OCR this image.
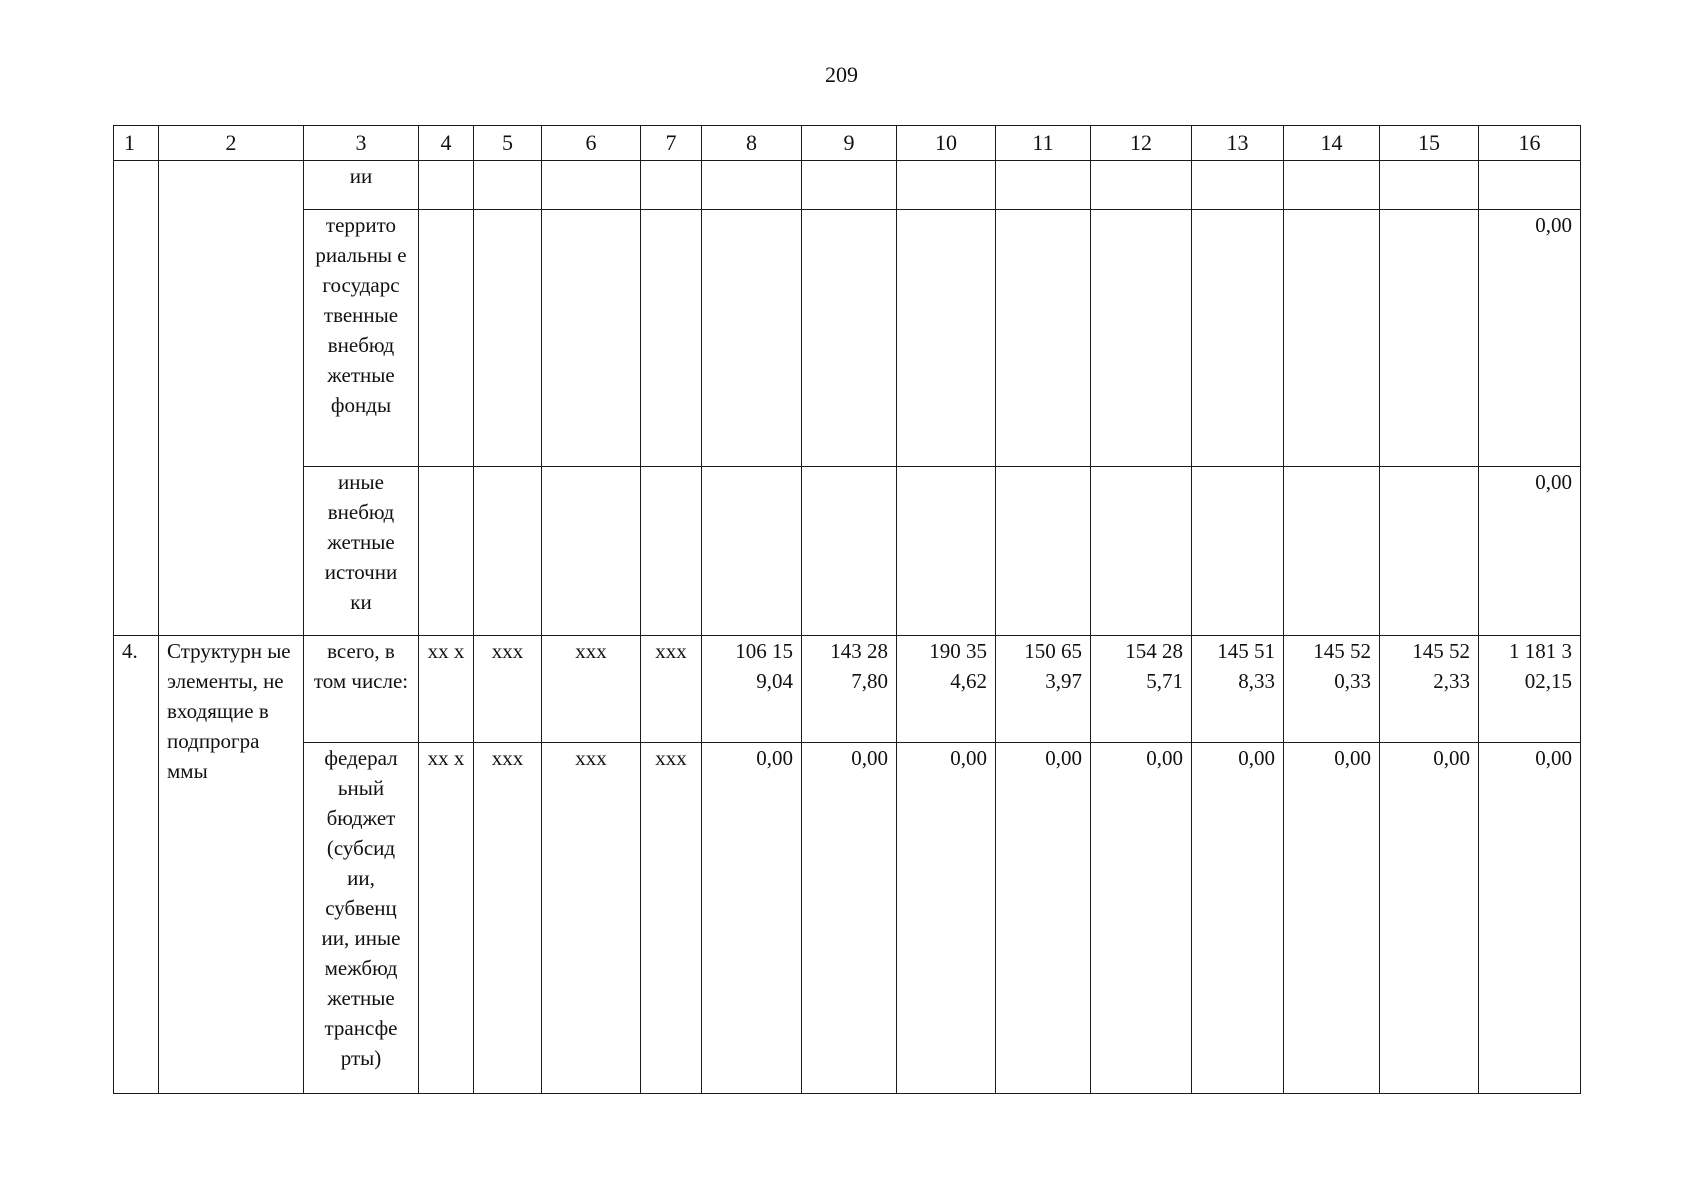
209
1	2	3	4	5	6	7	8	9	10	11	12	13	14	15	16
		ии													
		террито риальны е государс твенные внебюд жетные фонды													0,00
		иные внебюд жетные источни ки													0,00
4.	Структурн ые элементы, не входящие в подпрогра ммы	всего, в том числе:	xx x	xxx	xxx	xxx	106 15 9,04	143 28 7,80	190 35 4,62	150 65 3,97	154 28 5,71	145 51 8,33	145 52 0,33	145 52 2,33	1 181 3 02,15
		федерал ьный бюджет (субсид ии, субвенц ии, иные межбюд жетные трансфе рты)	xx x	xxx	xxx	xxx	0,00	0,00	0,00	0,00	0,00	0,00	0,00	0,00	0,00
